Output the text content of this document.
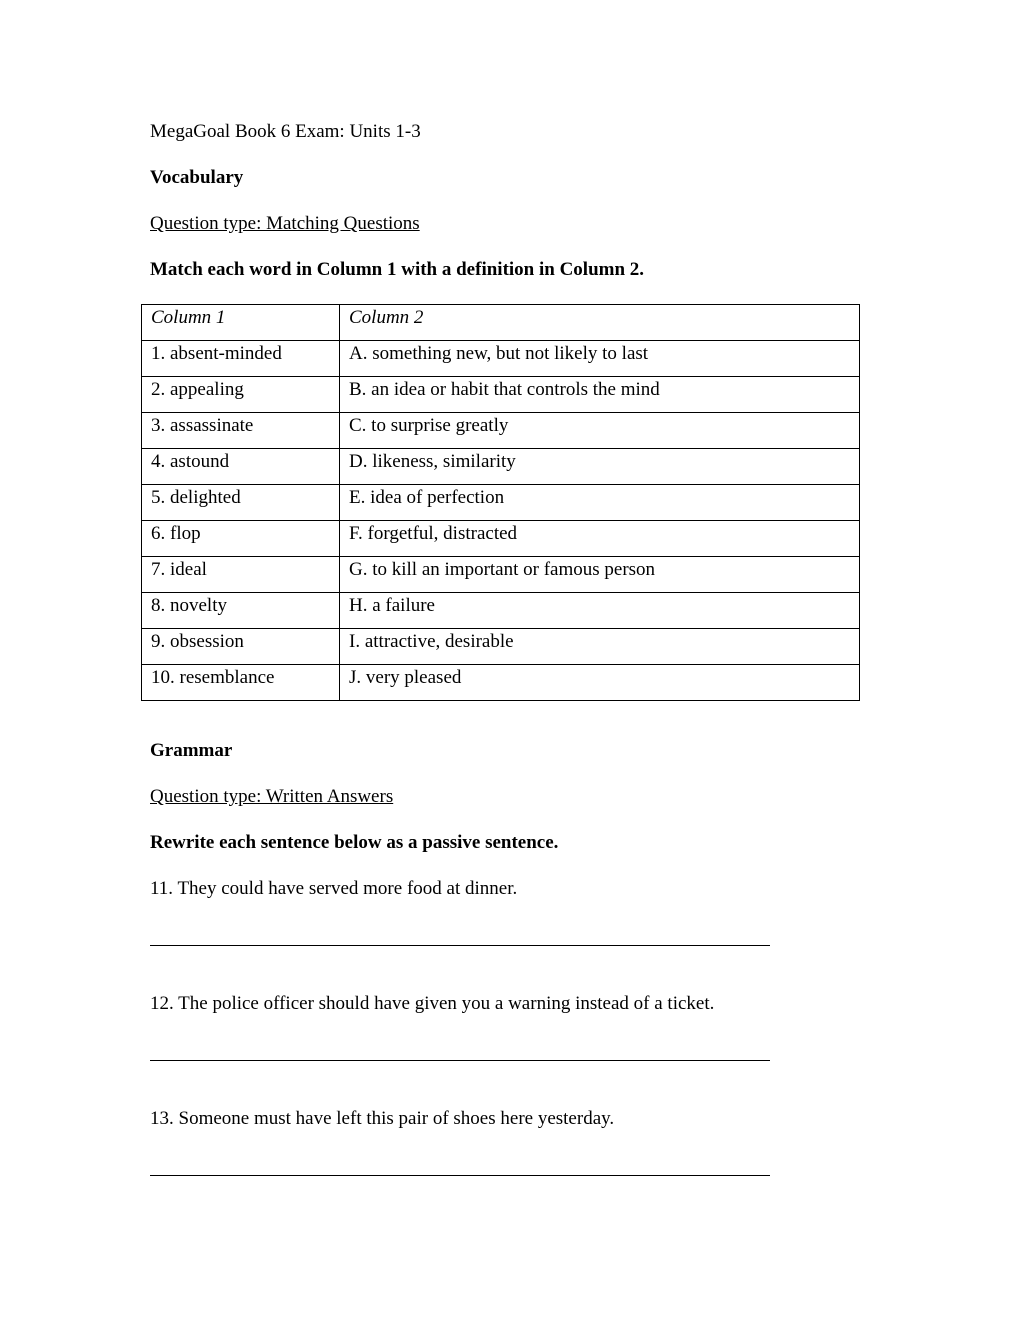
MegaGoal Book 6 Exam: Units 1-3
Vocabulary
Question type: Matching Questions
Match each word in Column 1 with a definition in Column 2.
Column 1	Column 2
1. absent-minded	A. something new, but not likely to last
2. appealing	B. an idea or habit that controls the mind
3. assassinate	C. to surprise greatly
4. astound	D. likeness, similarity
5. delighted	E. idea of perfection
6. flop	F. forgetful, distracted
7. ideal	G. to kill an important or famous person
8. novelty	H. a failure
9. obsession	I. attractive, desirable
10. resemblance	J. very pleased
Grammar
Question type: Written Answers
Rewrite each sentence below as a passive sentence.
11. They could have served more food at dinner.
12. The police officer should have given you a warning instead of a ticket.
13. Someone must have left this pair of shoes here yesterday.
